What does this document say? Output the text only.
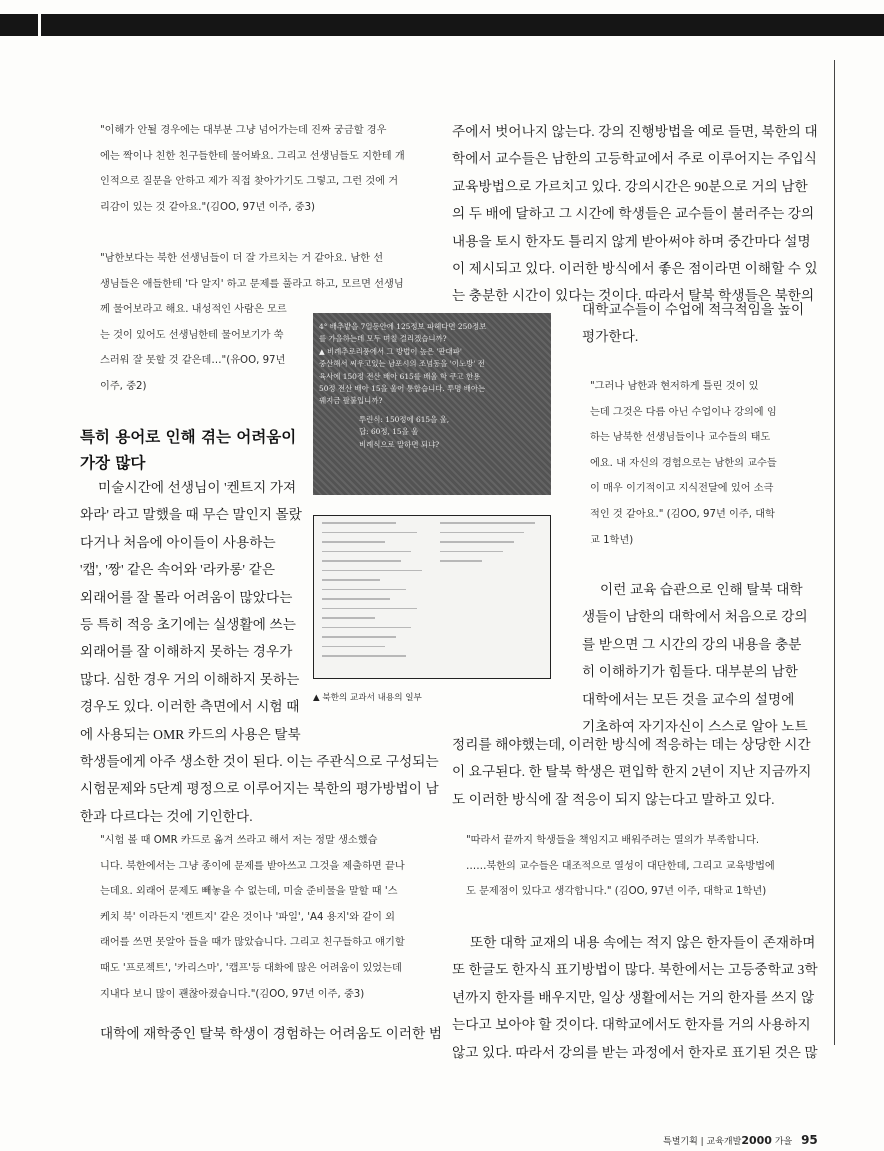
"이해가 안될 경우에는 대부분 그냥 넘어가는데 진짜 궁금할 경우
에는 짝이나 친한 친구들한테 물어봐요. 그리고 선생님들도 지한테 개
인적으로 질문을 안하고 제가 직접 찾아가기도 그렇고, 그런 것에 거
리감이 있는 것 같아요."(김OO, 97년 이주, 중3)
"남한보다는 북한 선생님들이 더 잘 가르치는 거 같아요. 남한 선
생님들은 애들한테 '다 알지' 하고 문제를 풀라고 하고, 모르면 선생님
께 물어보라고 해요. 내성적인 사람은 모르
는 것이 있어도 선생님한테 물어보기가 쑥
스러워 잘 못할 것 같은데…"(유OO, 97년
이주, 중2)
특히 용어로 인해 겪는 어려움이
가장 많다
미술시간에 선생님이 '켄트지 가져
와라' 라고 말했을 때 무슨 말인지 몰랐
다거나 처음에 아이들이 사용하는
'캡', '짱' 같은 속어와 '라카롱' 같은
외래어를 잘 몰라 어려움이 많았다는
등 특히 적응 초기에는 실생활에 쓰는
외래어를 잘 이해하지 못하는 경우가
많다. 심한 경우 거의 이해하지 못하는
경우도 있다. 이러한 측면에서 시험 때
에 사용되는 OMR 카드의 사용은 탈북
학생들에게 아주 생소한 것이 된다. 이는 주관식으로 구성되는
시험문제와 5단계 평정으로 이루어지는 북한의 평가방법이 남
한과 다르다는 것에 기인한다.
"시험 볼 때 OMR 카드로 옮겨 쓰라고 해서 저는 정말 생소했습
니다. 북한에서는 그냥 종이에 문제를 받아쓰고 그것을 제출하면 끝나
는데요. 외래어 문제도 빼놓을 수 없는데, 미술 준비물을 말할 때 '스
케치 북' 이라든지 '켄트지' 같은 것이나 '파일', 'A4 용지'와 같이 외
래어를 쓰면 못알아 들을 때가 많았습니다. 그리고 친구들하고 얘기할
때도 '프로젝트', '카리스마', '캡프'등 대화에 많은 어려움이 있었는데
지내다 보니 많이 괜찮아졌습니다."(김OO, 97년 이주, 중3)
대학에 재학중인 탈북 학생이 경험하는 어려움도 이러한 범
주에서 벗어나지 않는다. 강의 진행방법을 예로 들면, 북한의 대
학에서 교수들은 남한의 고등학교에서 주로 이루어지는 주입식
교육방법으로 가르치고 있다. 강의시간은 90분으로 거의 남한
의 두 배에 달하고 그 시간에 학생들은 교수들이 불러주는 강의
내용을 토시 한자도 틀리지 않게 받아써야 하며 중간마다 설명
이 제시되고 있다. 이러한 방식에서 좋은 점이라면 이해할 수 있
는 충분한 시간이 있다는 것이다. 따라서 탈북 학생들은 북한의
대학교수들이 수업에 적극적임을 높이
평가한다.
"그러나 남한과 현저하게 틀린 것이 있
는데 그것은 다름 아닌 수업이나 강의에 임
하는 남북한 선생님들이나 교수들의 태도
에요. 내 자신의 경험으로는 남한의 교수들
이 매우 이기적이고 지식전달에 있어 소극
적인 것 같아요." (김OO, 97년 이주, 대학
교 1학년)
이런 교육 습관으로 인해 탈북 대학
생들이 남한의 대학에서 처음으로 강의
를 받으면 그 시간의 강의 내용을 충분
히 이해하기가 힘들다. 대부분의 남한
대학에서는 모든 것을 교수의 설명에
기초하여 자기자신이 스스로 알아 노트
정리를 해야했는데, 이러한 방식에 적응하는 데는 상당한 시간
이 요구된다. 한 탈북 학생은 편입학 한지 2년이 지난 지금까지
도 이러한 방식에 잘 적응이 되지 않는다고 말하고 있다.
"따라서 끝까지 학생들을 책임지고 배워주려는 열의가 부족합니다.
……북한의 교수들은 대조적으로 열성이 대단한데, 그리고 교육방법에
도 문제점이 있다고 생각합니다." (김OO, 97년 이주, 대학교 1학년)
또한 대학 교재의 내용 속에는 적지 않은 한자들이 존재하며
또 한글도 한자식 표기방법이 많다. 북한에서는 고등중학교 3학
년까지 한자를 배우지만, 일상 생활에서는 거의 한자를 쓰지 않
는다고 보아야 할 것이다. 대학교에서도 한자를 거의 사용하지
않고 있다. 따라서 강의를 받는 과정에서 한자로 표기된 것은 많
4° 배추밭을 7일동안에 125정보 파헤다면 250정보
를 가을하는데 모두 며칠 걸리겠습니까?
▲ 비례추로리풍에서 그 방법이 높은 '판대파'
중산해서 씨우고있는 남포시의 조넘동을 '이노방' 전
육사에 150정 전산 배아 615를 배울 학 쿠고 한용
50정 전산 배아 15을 울어 통합습니다. 투명 배아는
꿰지금 팔붙입니까?
투린식: 150정에 615을 울,
답: 60정, 15을 울
비례식으로 말하면 되냐?
▲ 북한의 교과서 내용의 일부
특별기획 | 교육개발2000 가을 95
